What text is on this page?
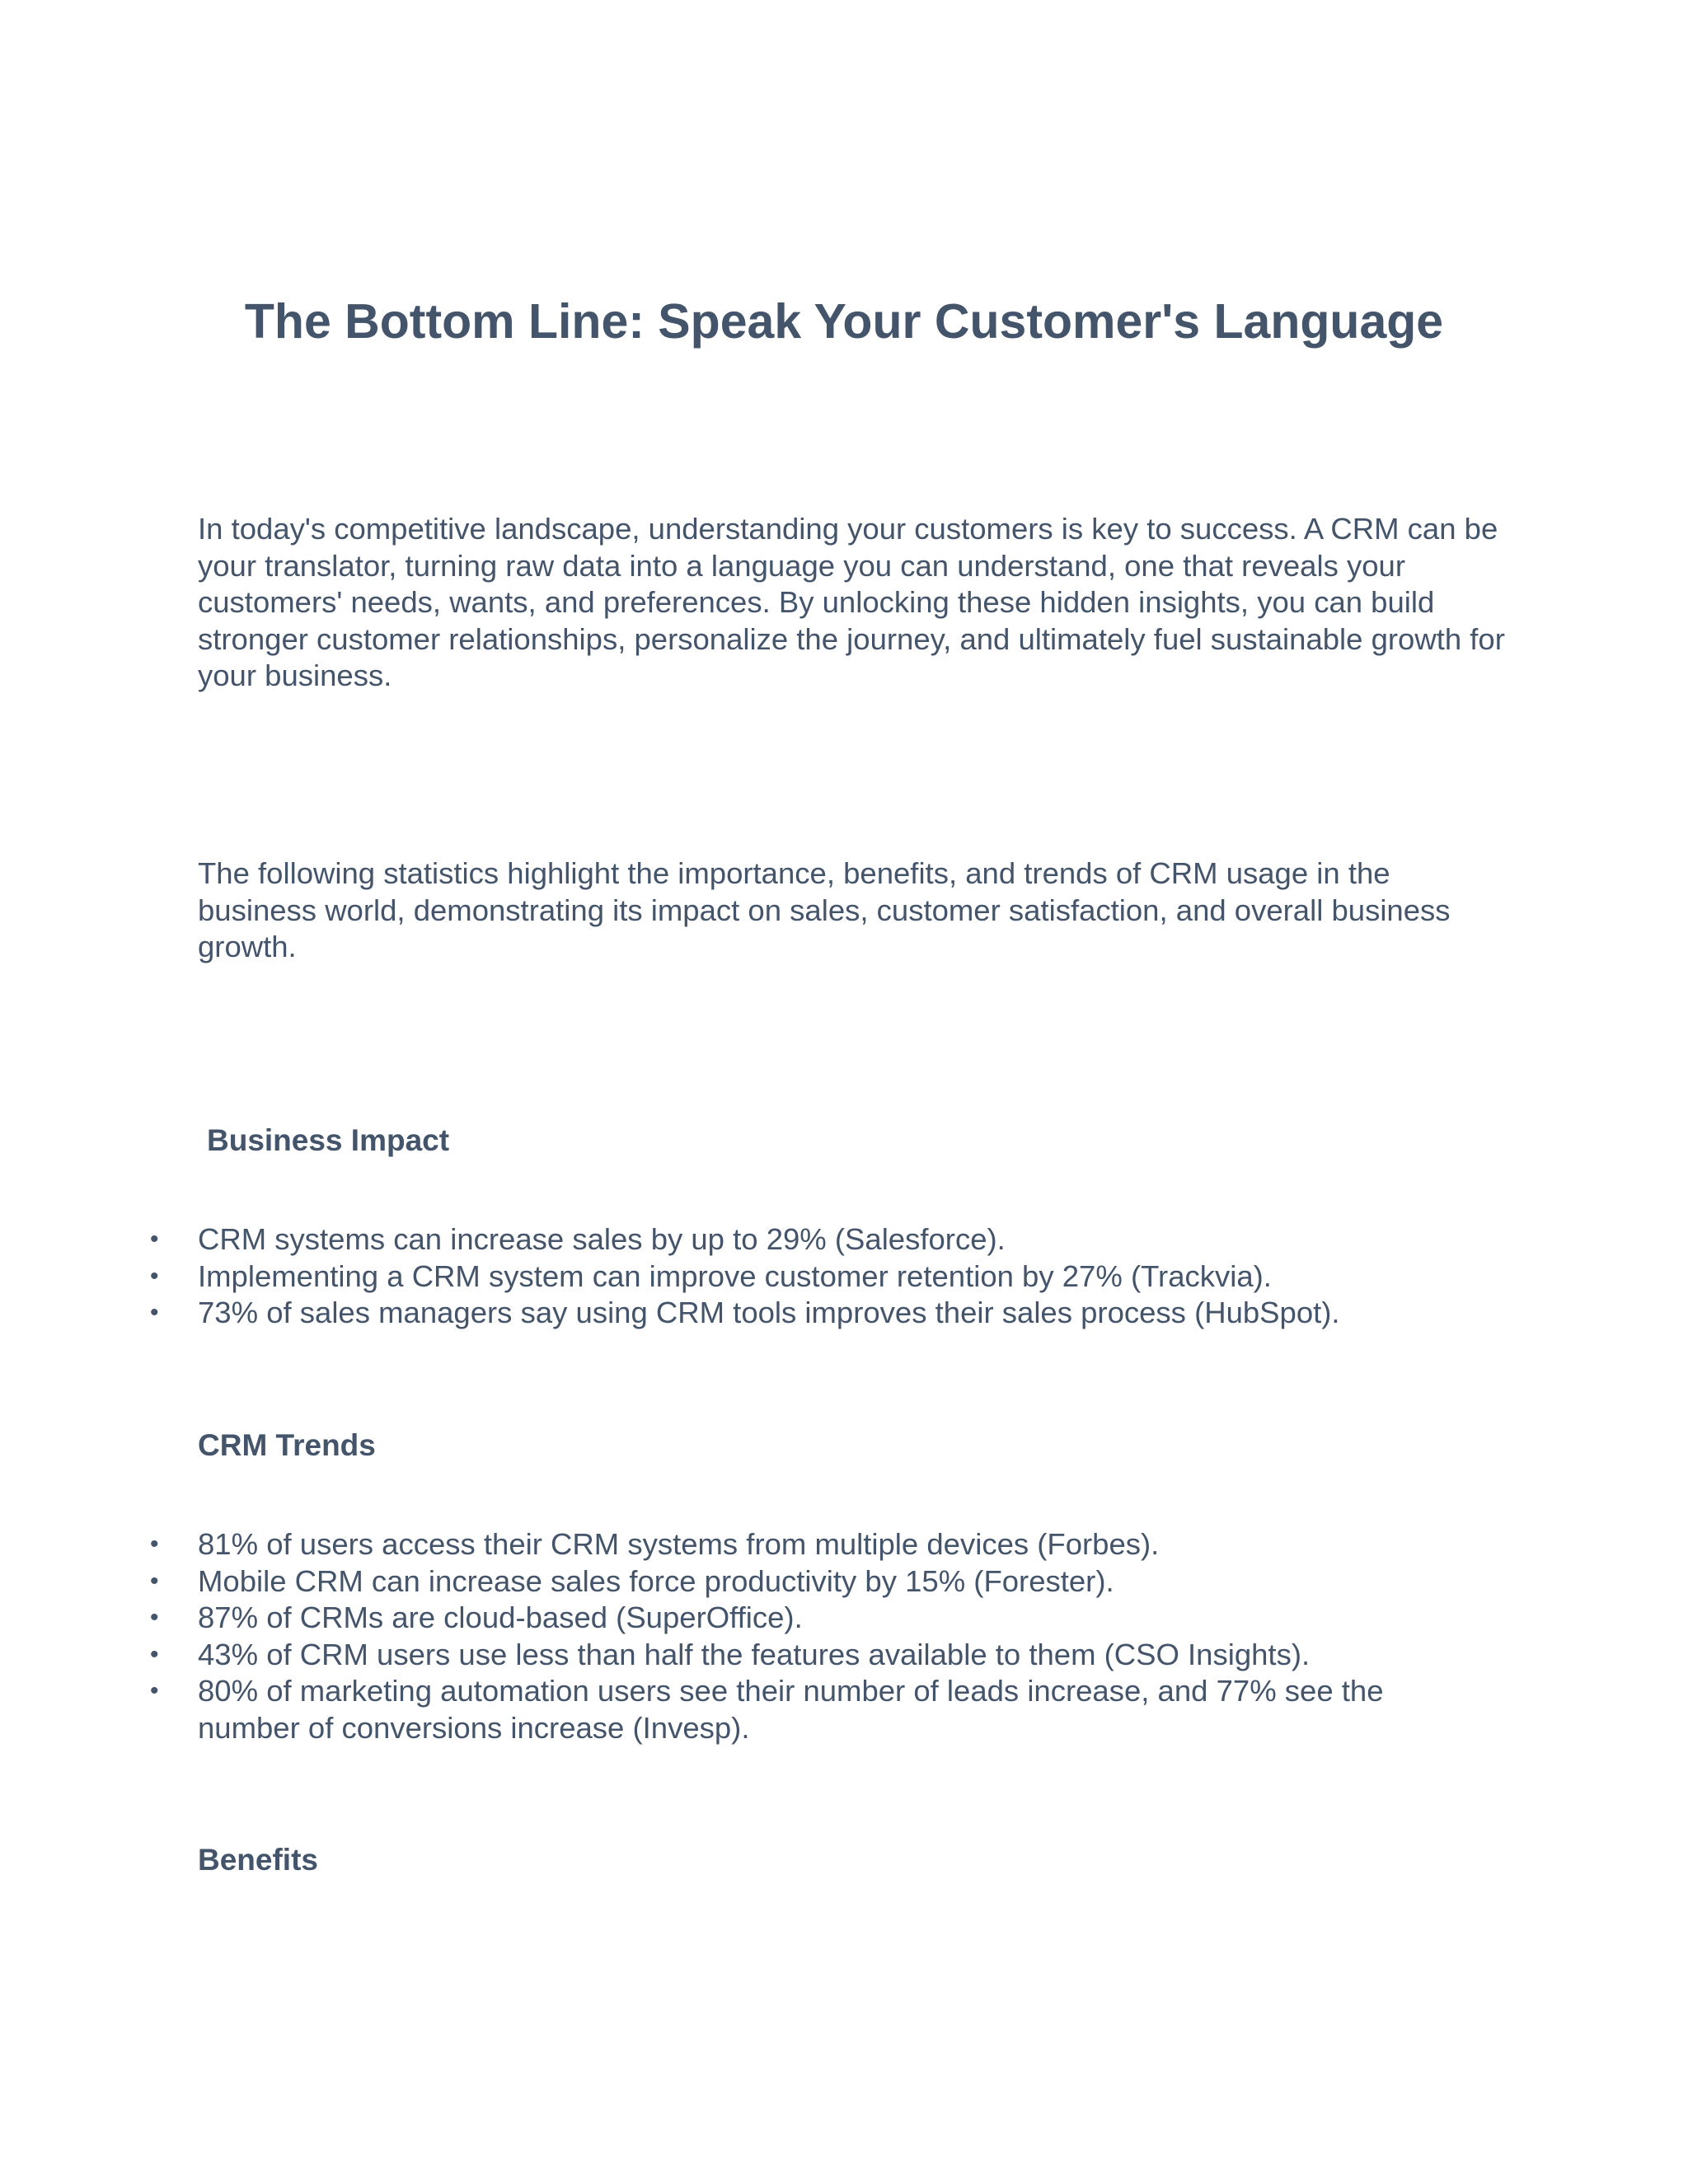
The Bottom Line: Speak Your Customer's Language

In today's competitive landscape, understanding your customers is key to success. A CRM can be your translator, turning raw data into a language you can understand, one that reveals your customers' needs, wants, and preferences. By unlocking these hidden insights, you can build stronger customer relationships, personalize the journey, and ultimately fuel sustainable growth for your business.

The following statistics highlight the importance, benefits, and trends of CRM usage in the business world, demonstrating its impact on sales, customer satisfaction, and overall business growth.

Business Impact
• CRM systems can increase sales by up to 29% (Salesforce).
• Implementing a CRM system can improve customer retention by 27% (Trackvia).
• 73% of sales managers say using CRM tools improves their sales process (HubSpot).
CRM Trends
• 81% of users access their CRM systems from multiple devices (Forbes).
• Mobile CRM can increase sales force productivity by 15% (Forester).
• 87% of CRMs are cloud-based (SuperOffice).
• 43% of CRM users use less than half the features available to them (CSO Insights).
• 80% of marketing automation users see their number of leads increase, and 77% see the number of conversions increase (Invesp).
Benefits
